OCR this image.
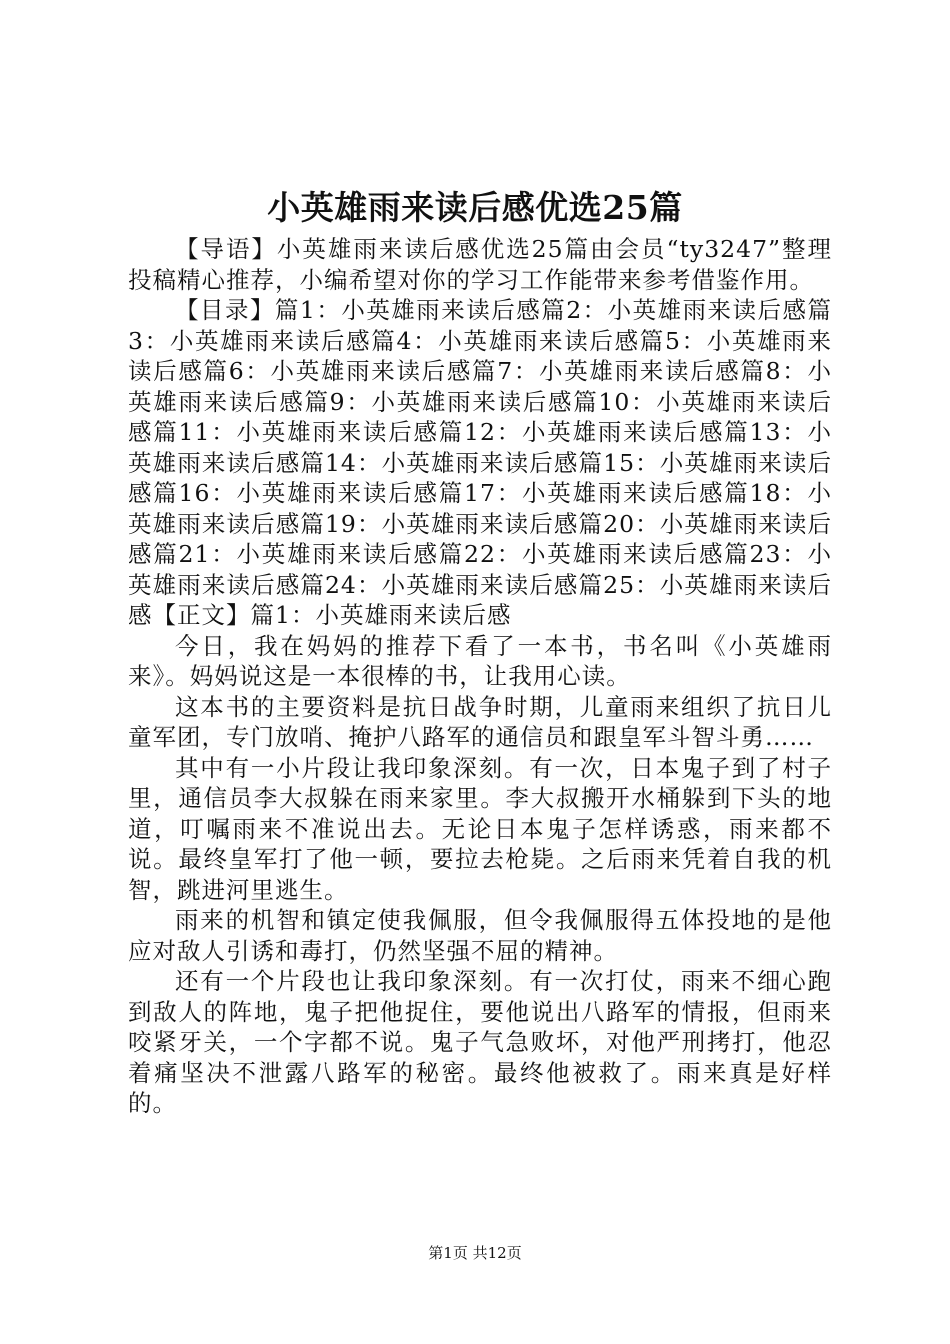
小英雄雨来读后感优选25篇

【导语】小英雄雨来读后感优选25篇由会员“ty3247”整理投稿精心推荐，小编希望对你的学习工作能带来参考借鉴作用。

【目录】篇1：小英雄雨来读后感篇2：小英雄雨来读后感篇3：小英雄雨来读后感篇4：小英雄雨来读后感篇5：小英雄雨来读后感篇6：小英雄雨来读后感篇7：小英雄雨来读后感篇8：小英雄雨来读后感篇9：小英雄雨来读后感篇10：小英雄雨来读后感篇11：小英雄雨来读后感篇12：小英雄雨来读后感篇13：小英雄雨来读后感篇14：小英雄雨来读后感篇15：小英雄雨来读后感篇16：小英雄雨来读后感篇17：小英雄雨来读后感篇18：小英雄雨来读后感篇19：小英雄雨来读后感篇20：小英雄雨来读后感篇21：小英雄雨来读后感篇22：小英雄雨来读后感篇23：小英雄雨来读后感篇24：小英雄雨来读后感篇25：小英雄雨来读后感【正文】篇1：小英雄雨来读后感

今日，我在妈妈的推荐下看了一本书，书名叫《小英雄雨来》。妈妈说这是一本很棒的书，让我用心读。

这本书的主要资料是抗日战争时期，儿童雨来组织了抗日儿童军团，专门放哨、掩护八路军的通信员和跟皇军斗智斗勇……

其中有一小片段让我印象深刻。有一次，日本鬼子到了村子里，通信员李大叔躲在雨来家里。李大叔搬开水桶躲到下头的地道，叮嘱雨来不准说出去。无论日本鬼子怎样诱惑，雨来都不说。最终皇军打了他一顿，要拉去枪毙。之后雨来凭着自我的机智，跳进河里逃生。

雨来的机智和镇定使我佩服，但令我佩服得五体投地的是他应对敌人引诱和毒打，仍然坚强不屈的精神。

还有一个片段也让我印象深刻。有一次打仗，雨来不细心跑到敌人的阵地，鬼子把他捉住，要他说出八路军的情报，但雨来咬紧牙关，一个字都不说。鬼子气急败坏，对他严刑拷打，他忍着痛坚决不泄露八路军的秘密。最终他被救了。雨来真是好样的。

第1页 共12页
